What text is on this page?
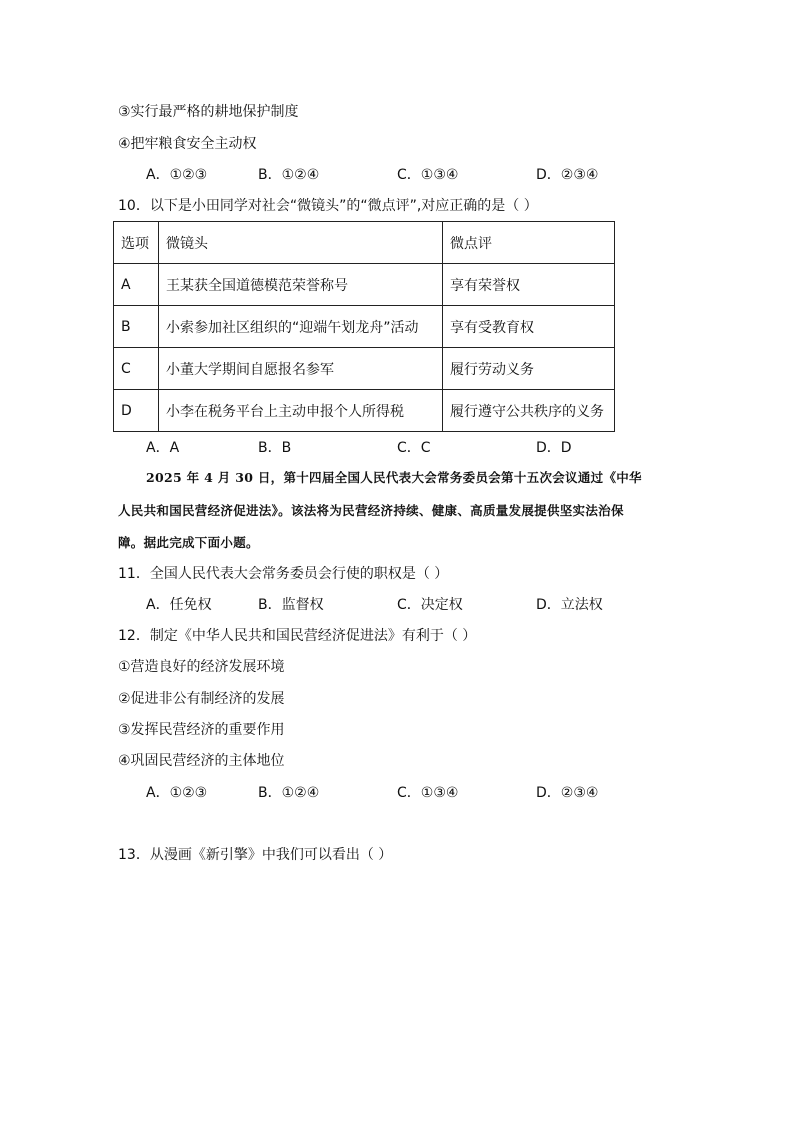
③实行最严格的耕地保护制度
④把牢粮食安全主动权
A．①②③	B．①②④	C．①③④	D．②③④
10．以下是小田同学对社会“微镜头”的“微点评”,对应正确的是（ ）
选项	微镜头	微点评
A	王某获全国道德模范荣誉称号	享有荣誉权
B	小索参加社区组织的“迎端午划龙舟”活动	享有受教育权
C	小董大学期间自愿报名参军	履行劳动义务
D	小李在税务平台上主动申报个人所得税	履行遵守公共秩序的义务
A．A	B．B	C．C	D．D
2025 年 4 月 30 日，第十四届全国人民代表大会常务委员会第十五次会议通过《中华
人民共和国民营经济促进法》。该法将为民营经济持续、健康、高质量发展提供坚实法治保
障。据此完成下面小题。
11．全国人民代表大会常务委员会行使的职权是（ ）
A．任免权	B．监督权	C．决定权	D．立法权
12．制定《中华人民共和国民营经济促进法》有利于（ ）
①营造良好的经济发展环境
②促进非公有制经济的发展
③发挥民营经济的重要作用
④巩固民营经济的主体地位
A．①②③	B．①②④	C．①③④	D．②③④
13．从漫画《新引擎》中我们可以看出（ ）
